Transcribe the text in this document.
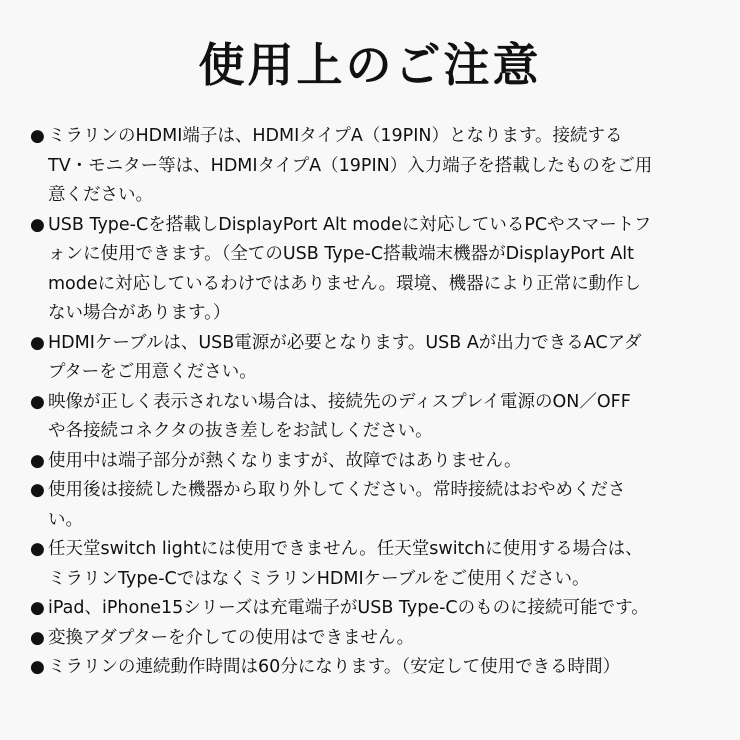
使用上のご注意
● ミラリンのHDMI端子は、HDMIタイプA（19PIN）となります。接続する
TV・モニター等は、HDMIタイプA（19PIN）入力端子を搭載したものをご用
意ください。
● USB Type-Cを搭載しDisplayPort Alt modeに対応しているPCやスマートフ
ォンに使用できます。（全てのUSB Type-C搭載端末機器がDisplayPort Alt
modeに対応しているわけではありません。環境、機器により正常に動作し
ない場合があります。）
● HDMIケーブルは、USB電源が必要となります。USB Aが出力できるACアダ
プターをご用意ください。
● 映像が正しく表示されない場合は、接続先のディスプレイ電源のON／OFF
や各接続コネクタの抜き差しをお試しください。
● 使用中は端子部分が熱くなりますが、故障ではありません。
● 使用後は接続した機器から取り外してください。常時接続はおやめくださ
い。
● 任天堂switch lightには使用できません。任天堂switchに使用する場合は、
ミラリンType-CではなくミラリンHDMIケーブルをご使用ください。
● iPad、iPhone15シリーズは充電端子がUSB Type-Cのものに接続可能です。
● 変換アダプターを介しての使用はできません。
● ミラリンの連続動作時間は60分になります。（安定して使用できる時間）
